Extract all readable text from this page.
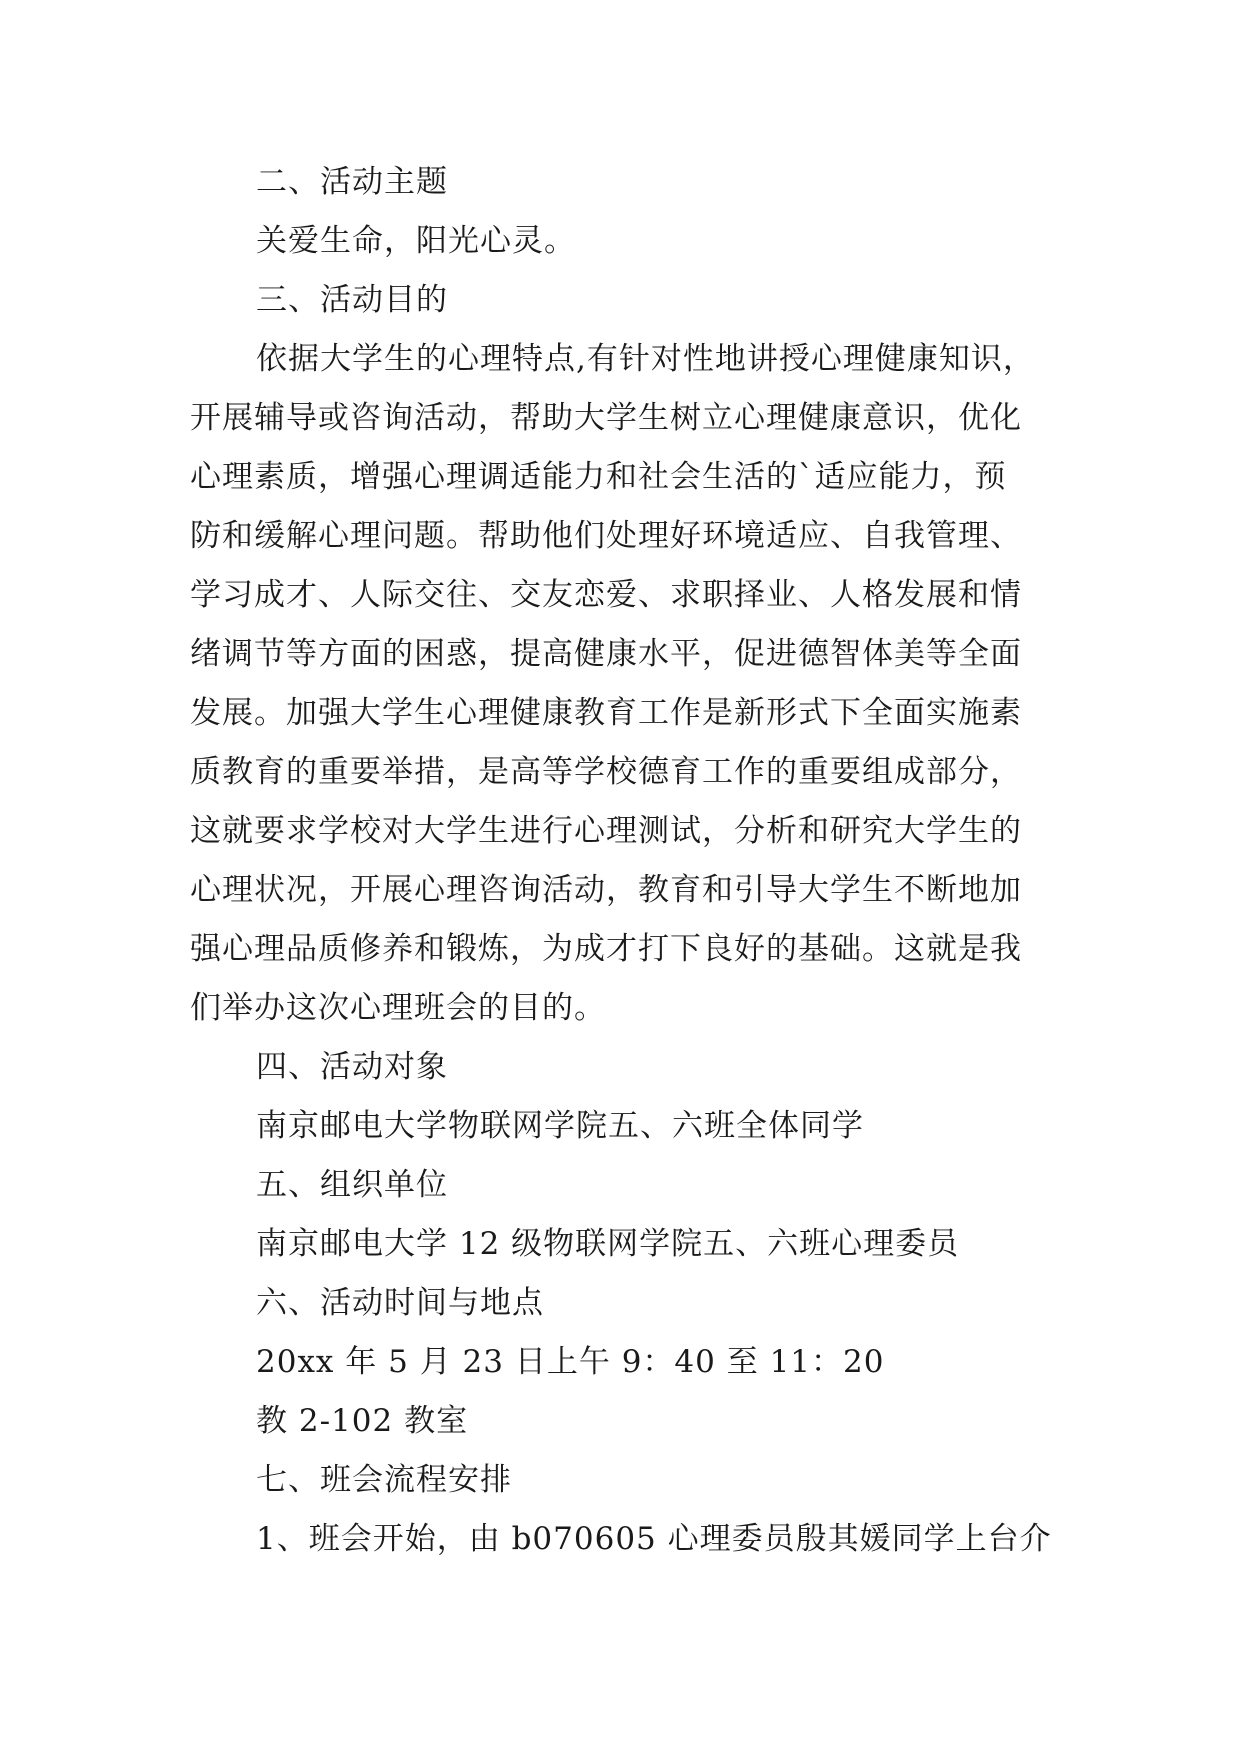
二、活动主题
关爱生命，阳光心灵。
三、活动目的
依据大学生的心理特点,有针对性地讲授心理健康知识，
开展辅导或咨询活动，帮助大学生树立心理健康意识，优化
心理素质，增强心理调适能力和社会生活的`适应能力，预
防和缓解心理问题。帮助他们处理好环境适应、自我管理、
学习成才、人际交往、交友恋爱、求职择业、人格发展和情
绪调节等方面的困惑，提高健康水平，促进德智体美等全面
发展。加强大学生心理健康教育工作是新形式下全面实施素
质教育的重要举措，是高等学校德育工作的重要组成部分，
这就要求学校对大学生进行心理测试，分析和研究大学生的
心理状况，开展心理咨询活动，教育和引导大学生不断地加
强心理品质修养和锻炼，为成才打下良好的基础。这就是我
们举办这次心理班会的目的。
四、活动对象
南京邮电大学物联网学院五、六班全体同学
五、组织单位
南京邮电大学 12 级物联网学院五、六班心理委员
六、活动时间与地点
20xx 年 5 月 23 日上午 9：40 至 11：20
教 2-102 教室
七、班会流程安排
1、班会开始，由 b070605 心理委员殷其媛同学上台介
